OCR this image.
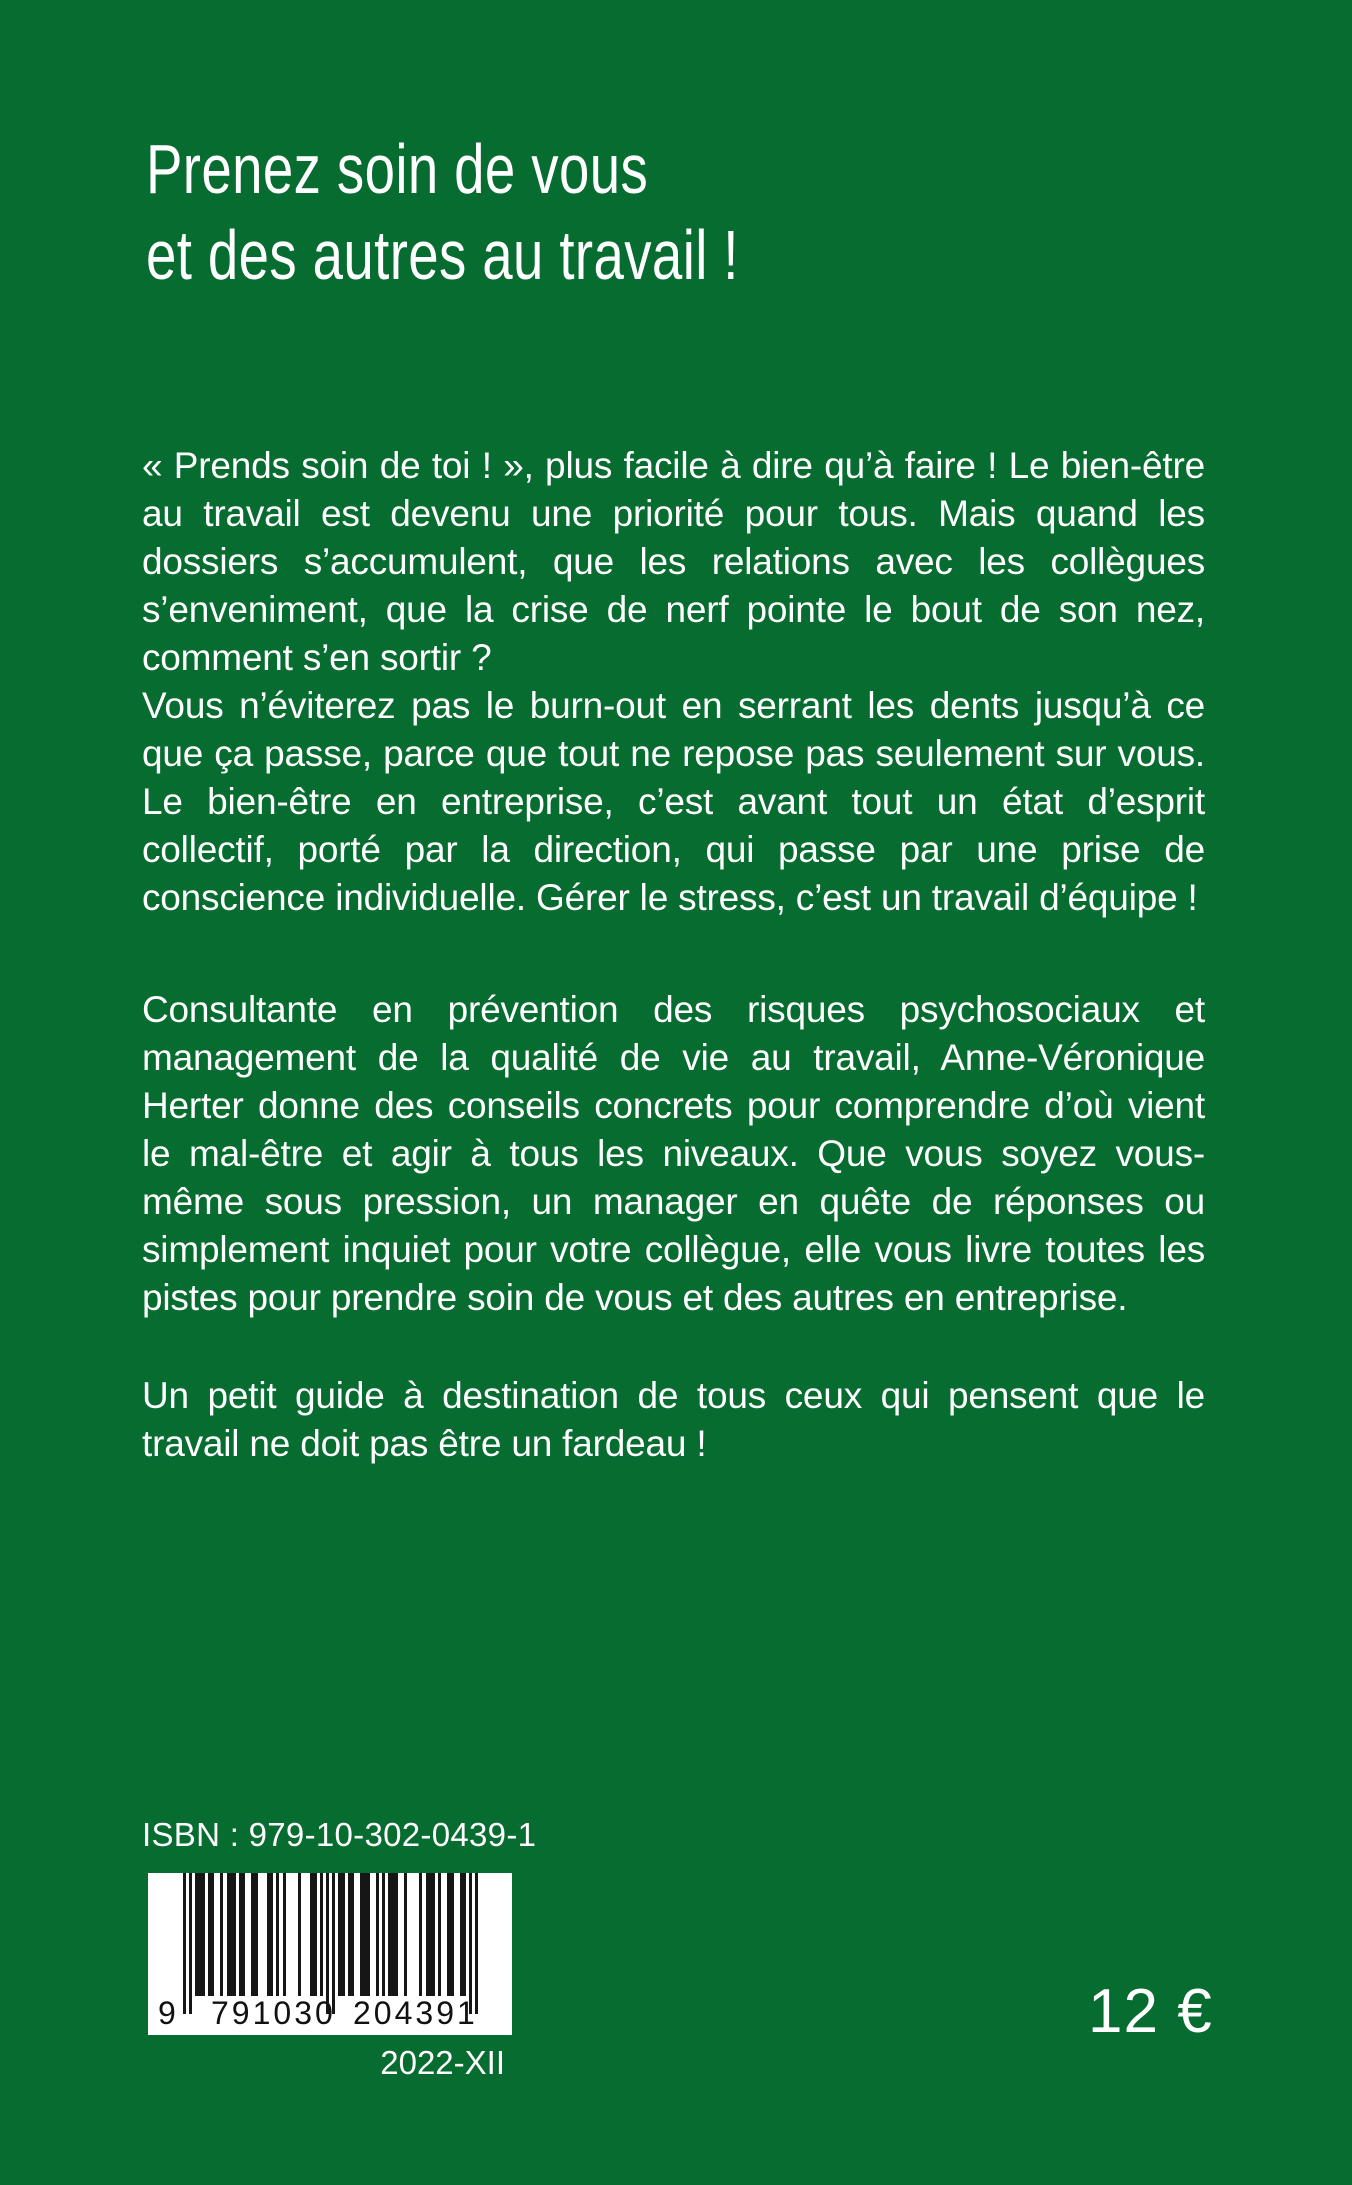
Prenez soin de vous
et des autres au travail !

« Prends soin de toi ! », plus facile à dire qu’à faire ! Le bien-être au travail est devenu une priorité pour tous. Mais quand les dossiers s’accumulent, que les relations avec les collègues s’enveniment, que la crise de nerf pointe le bout de son nez, comment s’en sortir ?

Vous n’éviterez pas le burn-out en serrant les dents jusqu’à ce que ça passe, parce que tout ne repose pas seulement sur vous. Le bien-être en entreprise, c’est avant tout un état d’esprit collectif, porté par la direction, qui passe par une prise de conscience individuelle. Gérer le stress, c’est un travail d’équipe !

Consultante en prévention des risques psychosociaux et management de la qualité de vie au travail, Anne-Véronique Herter donne des conseils concrets pour comprendre d’où vient le mal-être et agir à tous les niveaux. Que vous soyez vous-même sous pression, un manager en quête de réponses ou simplement inquiet pour votre collègue, elle vous livre toutes les pistes pour prendre soin de vous et des autres en entreprise.

Un petit guide à destination de tous ceux qui pensent que le travail ne doit pas être un fardeau !

ISBN : 979-10-302-0439-1
9 791030 204391
2022-XII
12 €
